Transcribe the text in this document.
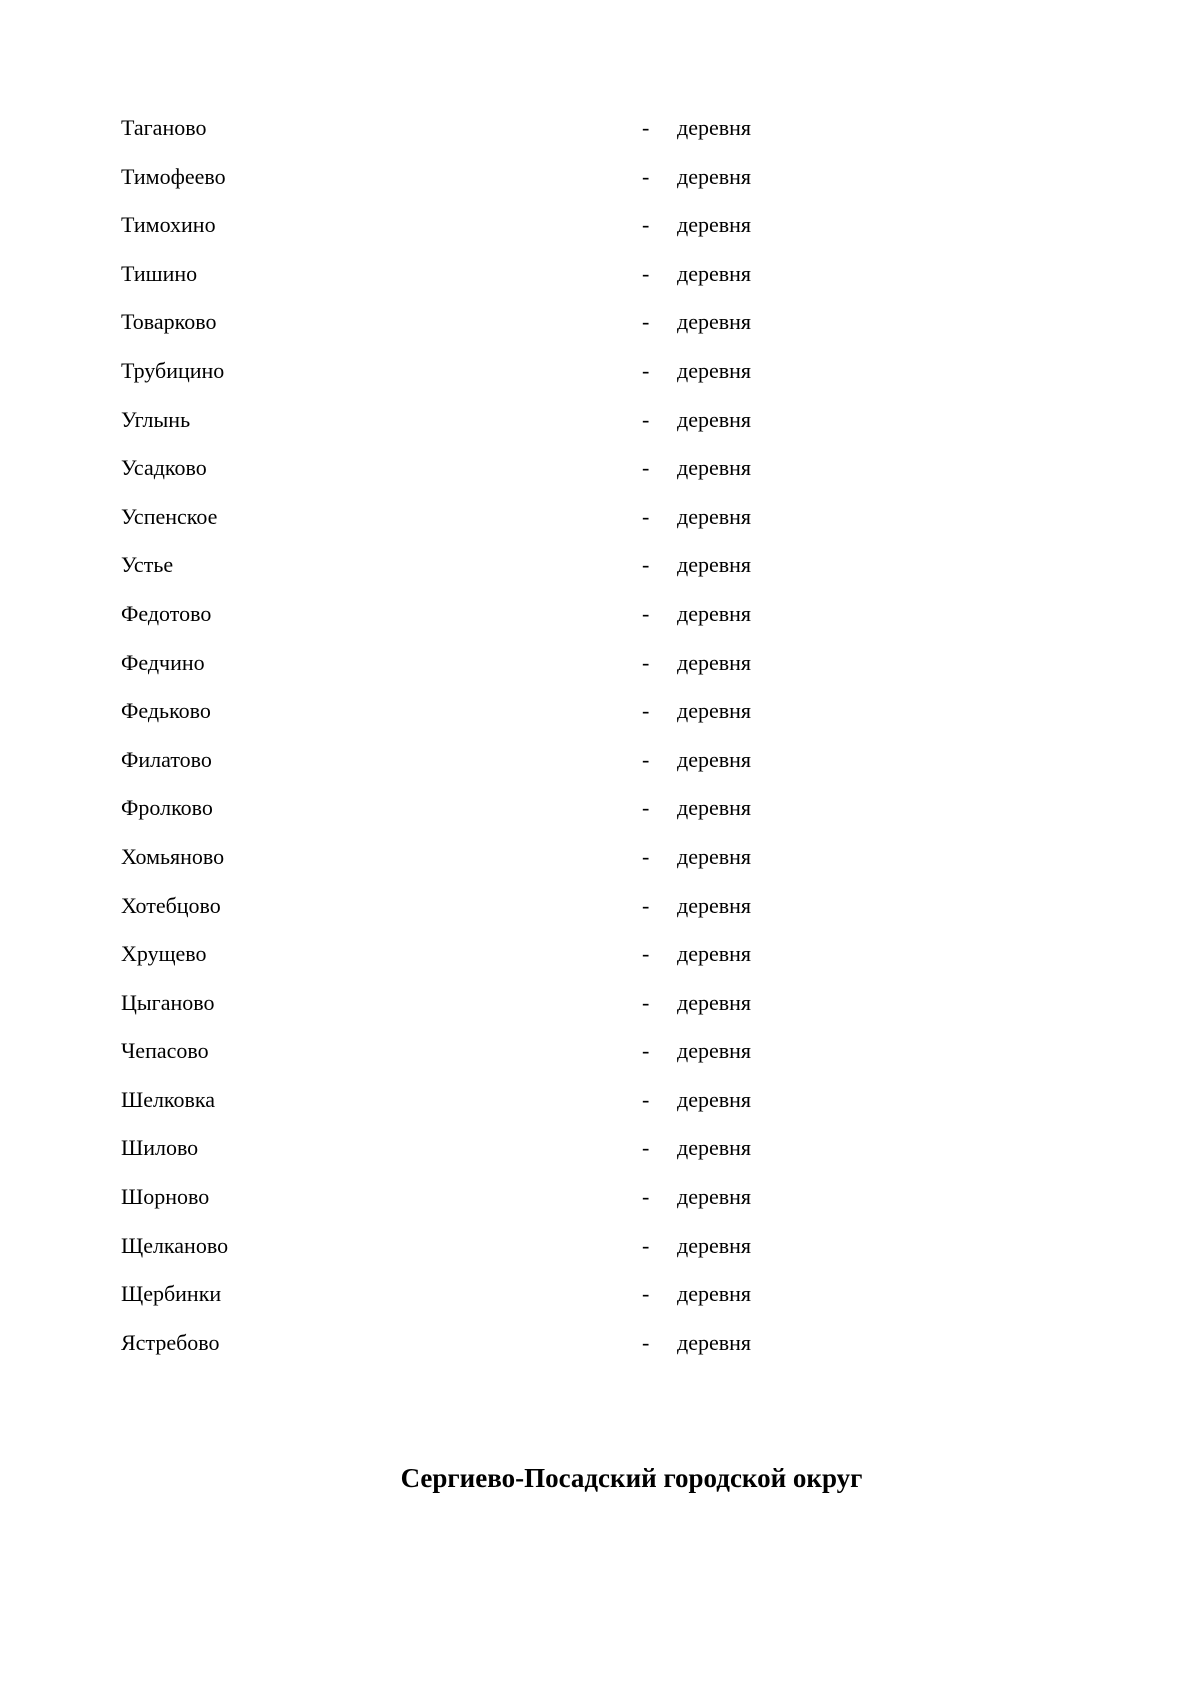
Таганово	- деревня
Тимофеево	- деревня
Тимохино	- деревня
Тишино	- деревня
Товарково	- деревня
Трубицино	- деревня
Углынь	- деревня
Усадково	- деревня
Успенское	- деревня
Устье	- деревня
Федотово	- деревня
Федчино	- деревня
Федьково	- деревня
Филатово	- деревня
Фролково	- деревня
Хомьяново	- деревня
Хотебцово	- деревня
Хрущево	- деревня
Цыганово	- деревня
Чепасово	- деревня
Шелковка	- деревня
Шилово	- деревня
Шорново	- деревня
Щелканово	- деревня
Щербинки	- деревня
Ястребово	- деревня
Сергиево-Посадский городской округ
